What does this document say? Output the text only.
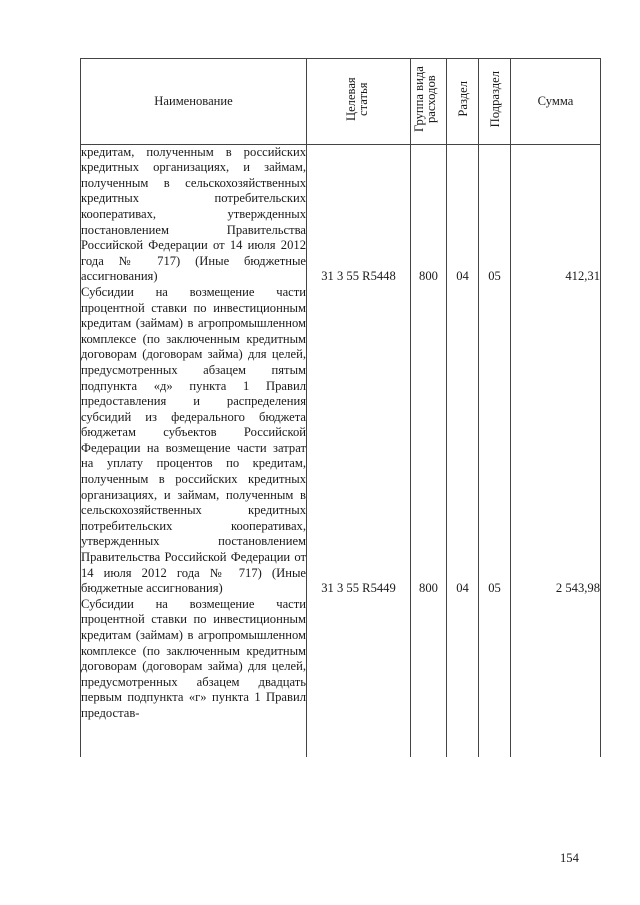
Наименование	Целевая статья	Группа вида расходов	Раздел	Подраздел	Сумма

кредитам, полученным в российских кредитных организациях, и займам, полученным в сельскохозяйственных кредитных потребительских кооперативах, утвержденных постановлением Правительства Российской Федерации от 14 июля 2012 года № 717) (Иные бюджетные ассигнования)	31 3 55 R5448	800	04	05	412,31

Субсидии на возмещение части процентной ставки по инвестиционным кредитам (займам) в агропромышленном комплексе (по заключенным кредитным договорам (договорам займа) для целей, предусмотренных абзацем пятым подпункта «д» пункта 1 Правил предоставления и распределения субсидий из федерального бюджета бюджетам субъектов Российской Федерации на возмещение части затрат на уплату процентов по кредитам, полученным в российских кредитных организациях, и займам, полученным в сельскохозяйственных кредитных потребительских кооперативах, утвержденных постановлением Правительства Российской Федерации от 14 июля 2012 года № 717) (Иные бюджетные ассигнования)	31 3 55 R5449	800	04	05	2 543,98

Субсидии на возмещение части процентной ставки по инвестиционным кредитам (займам) в агропромышленном комплексе (по заключенным кредитным договорам (договорам займа) для целей, предусмотренных абзацем двадцать первым подпункта «г» пункта 1 Правил предостав-					

154
